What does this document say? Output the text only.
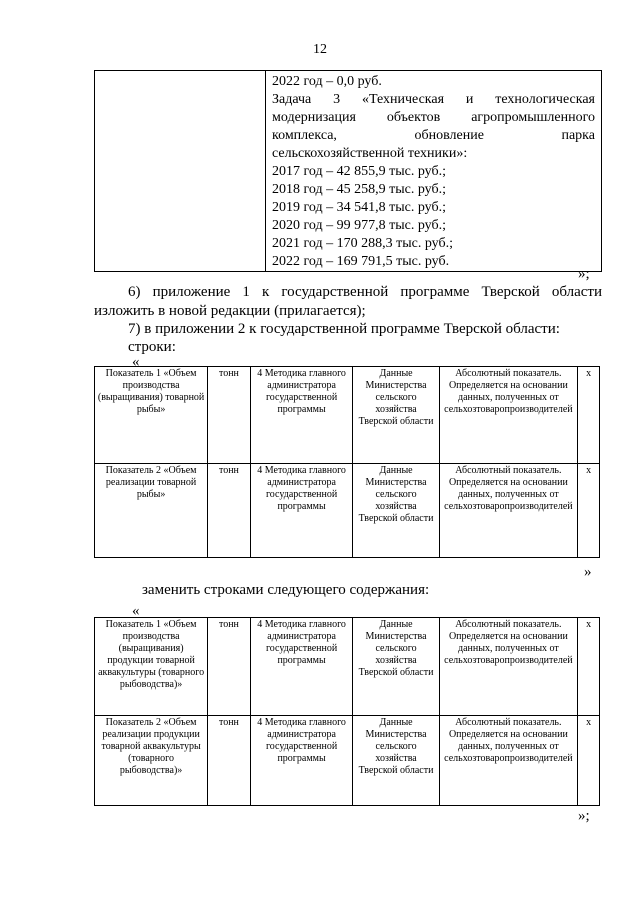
12

2022 год – 0,0 руб.
Задача 3 «Техническая и технологическая
модернизация объектов агропромышленного
комплекса, обновление парка
сельскохозяйственной техники»:
2017 год – 42 855,9 тыс. руб.;
2018 год – 45 258,9 тыс. руб.;
2019 год – 34 541,8 тыс. руб.;
2020 год – 99 977,8 тыс. руб.;
2021 год – 170 288,3 тыс. руб.;
2022 год – 169 791,5 тыс. руб.
»;
6) приложение 1 к государственной программе Тверской области
изложить в новой редакции (прилагается);
7) в приложении 2 к государственной программе Тверской области:
строки:
«
Показатель 1 «Объем производства (выращивания) товарной рыбы»	тонн	4 Методика главного администратора государственной программы	Данные Министерства сельского хозяйства Тверской области	Абсолютный показатель. Определяется на основании данных, полученных от сельхозтоваропроизводителей	х
Показатель 2 «Объем реализации товарной рыбы»	тонн	4 Методика главного администратора государственной программы	Данные Министерства сельского хозяйства Тверской области	Абсолютный показатель. Определяется на основании данных, полученных от сельхозтоваропроизводителей	х
»
заменить строками следующего содержания:
«
Показатель 1 «Объем производства (выращивания) продукции товарной аквакультуры (товарного рыбоводства)»	тонн	4 Методика главного администратора государственной программы	Данные Министерства сельского хозяйства Тверской области	Абсолютный показатель. Определяется на основании данных, полученных от сельхозтоваропроизводителей	х
Показатель 2 «Объем реализации продукции товарной аквакультуры (товарного рыбоводства)»	тонн	4 Методика главного администратора государственной программы	Данные Министерства сельского хозяйства Тверской области	Абсолютный показатель. Определяется на основании данных, полученных от сельхозтоваропроизводителей	х
»;
